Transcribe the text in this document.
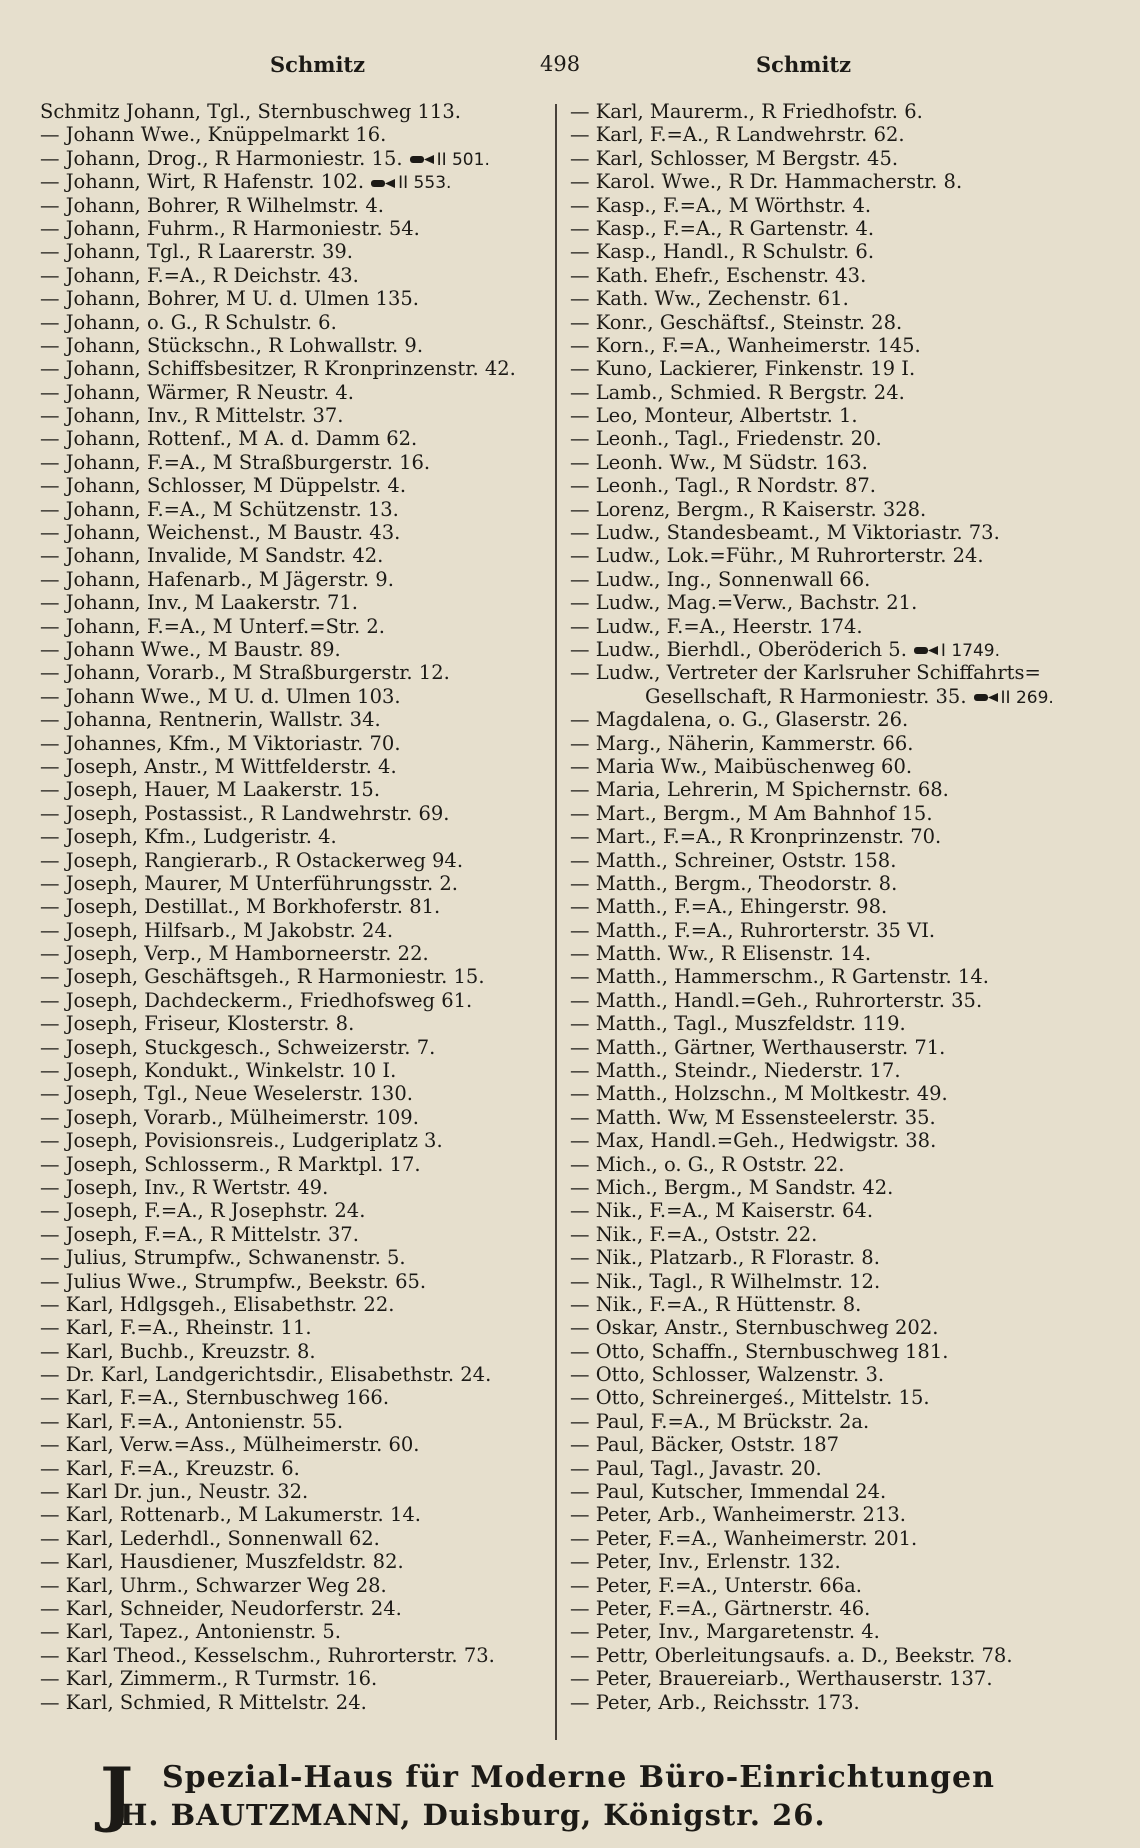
Schmitz	498	Schmitz
Schmitz Johann, Tgl., Sternbuschweg 113.
— Johann Wwe., Knüppelmarkt 16.
— Johann, Drog., R Harmoniestr. 15. II 501.
— Johann, Wirt, R Hafenstr. 102. II 553.
— Johann, Bohrer, R Wilhelmstr. 4.
— Johann, Fuhrm., R Harmoniestr. 54.
— Johann, Tgl., R Laarerstr. 39.
— Johann, F.=A., R Deichstr. 43.
— Johann, Bohrer, M U. d. Ulmen 135.
— Johann, o. G., R Schulstr. 6.
— Johann, Stückschn., R Lohwallstr. 9.
— Johann, Schiffsbesitzer, R Kronprinzenstr. 42.
— Johann, Wärmer, R Neustr. 4.
— Johann, Inv., R Mittelstr. 37.
— Johann, Rottenf., M A. d. Damm 62.
— Johann, F.=A., M Straßburgerstr. 16.
— Johann, Schlosser, M Düppelstr. 4.
— Johann, F.=A., M Schützenstr. 13.
— Johann, Weichenst., M Baustr. 43.
— Johann, Invalide, M Sandstr. 42.
— Johann, Hafenarb., M Jägerstr. 9.
— Johann, Inv., M Laakerstr. 71.
— Johann, F.=A., M Unterf.=Str. 2.
— Johann Wwe., M Baustr. 89.
— Johann, Vorarb., M Straßburgerstr. 12.
— Johann Wwe., M U. d. Ulmen 103.
— Johanna, Rentnerin, Wallstr. 34.
— Johannes, Kfm., M Viktoriastr. 70.
— Joseph, Anstr., M Wittfelderstr. 4.
— Joseph, Hauer, M Laakerstr. 15.
— Joseph, Postassist., R Landwehrstr. 69.
— Joseph, Kfm., Ludgeristr. 4.
— Joseph, Rangierarb., R Ostackerweg 94.
— Joseph, Maurer, M Unterführungsstr. 2.
— Joseph, Destillat., M Borkhoferstr. 81.
— Joseph, Hilfsarb., M Jakobstr. 24.
— Joseph, Verp., M Hamborneerstr. 22.
— Joseph, Geschäftsgeh., R Harmoniestr. 15.
— Joseph, Dachdeckerm., Friedhofsweg 61.
— Joseph, Friseur, Klosterstr. 8.
— Joseph, Stuckgesch., Schweizerstr. 7.
— Joseph, Kondukt., Winkelstr. 10 I.
— Joseph, Tgl., Neue Weselerstr. 130.
— Joseph, Vorarb., Mülheimerstr. 109.
— Joseph, Povisionsreis., Ludgeriplatz 3.
— Joseph, Schlosserm., R Marktpl. 17.
— Joseph, Inv., R Wertstr. 49.
— Joseph, F.=A., R Josephstr. 24.
— Joseph, F.=A., R Mittelstr. 37.
— Julius, Strumpfw., Schwanenstr. 5.
— Julius Wwe., Strumpfw., Beekstr. 65.
— Karl, Hdlgsgeh., Elisabethstr. 22.
— Karl, F.=A., Rheinstr. 11.
— Karl, Buchb., Kreuzstr. 8.
— Dr. Karl, Landgerichtsdir., Elisabethstr. 24.
— Karl, F.=A., Sternbuschweg 166.
— Karl, F.=A., Antonienstr. 55.
— Karl, Verw.=Ass., Mülheimerstr. 60.
— Karl, F.=A., Kreuzstr. 6.
— Karl Dr. jun., Neustr. 32.
— Karl, Rottenarb., M Lakumerstr. 14.
— Karl, Lederhdl., Sonnenwall 62.
— Karl, Hausdiener, Muszfeldstr. 82.
— Karl, Uhrm., Schwarzer Weg 28.
— Karl, Schneider, Neudorferstr. 24.
— Karl, Tapez., Antonienstr. 5.
— Karl Theod., Kesselschm., Ruhrorterstr. 73.
— Karl, Zimmerm., R Turmstr. 16.
— Karl, Schmied, R Mittelstr. 24.
— Karl, Maurerm., R Friedhofstr. 6.
— Karl, F.=A., R Landwehrstr. 62.
— Karl, Schlosser, M Bergstr. 45.
— Karol. Wwe., R Dr. Hammacherstr. 8.
— Kasp., F.=A., M Wörthstr. 4.
— Kasp., F.=A., R Gartenstr. 4.
— Kasp., Handl., R Schulstr. 6.
— Kath. Ehefr., Eschenstr. 43.
— Kath. Ww., Zechenstr. 61.
— Konr., Geschäftsf., Steinstr. 28.
— Korn., F.=A., Wanheimerstr. 145.
— Kuno, Lackierer, Finkenstr. 19 I.
— Lamb., Schmied. R Bergstr. 24.
— Leo, Monteur, Albertstr. 1.
— Leonh., Tagl., Friedenstr. 20.
— Leonh. Ww., M Südstr. 163.
— Leonh., Tagl., R Nordstr. 87.
— Lorenz, Bergm., R Kaiserstr. 328.
— Ludw., Standesbeamt., M Viktoriastr. 73.
— Ludw., Lok.=Führ., M Ruhrorterstr. 24.
— Ludw., Ing., Sonnenwall 66.
— Ludw., Mag.=Verw., Bachstr. 21.
— Ludw., F.=A., Heerstr. 174.
— Ludw., Bierhdl., Oberöderich 5. I 1749.
— Ludw., Vertreter der Karlsruher Schiffahrts=
Gesellschaft, R Harmoniestr. 35. II 269.
— Magdalena, o. G., Glaserstr. 26.
— Marg., Näherin, Kammerstr. 66.
— Maria Ww., Maibüschenweg 60.
— Maria, Lehrerin, M Spichernstr. 68.
— Mart., Bergm., M Am Bahnhof 15.
— Mart., F.=A., R Kronprinzenstr. 70.
— Matth., Schreiner, Oststr. 158.
— Matth., Bergm., Theodorstr. 8.
— Matth., F.=A., Ehingerstr. 98.
— Matth., F.=A., Ruhrorterstr. 35 VI.
— Matth. Ww., R Elisenstr. 14.
— Matth., Hammerschm., R Gartenstr. 14.
— Matth., Handl.=Geh., Ruhrorterstr. 35.
— Matth., Tagl., Muszfeldstr. 119.
— Matth., Gärtner, Werthauserstr. 71.
— Matth., Steindr., Niederstr. 17.
— Matth., Holzschn., M Moltkestr. 49.
— Matth. Ww, M Essensteelerstr. 35.
— Max, Handl.=Geh., Hedwigstr. 38.
— Mich., o. G., R Oststr. 22.
— Mich., Bergm., M Sandstr. 42.
— Nik., F.=A., M Kaiserstr. 64.
— Nik., F.=A., Oststr. 22.
— Nik., Platzarb., R Florastr. 8.
— Nik., Tagl., R Wilhelmstr. 12.
— Nik., F.=A., R Hüttenstr. 8.
— Oskar, Anstr., Sternbuschweg 202.
— Otto, Schaffn., Sternbuschweg 181.
— Otto, Schlosser, Walzenstr. 3.
— Otto, Schreinergeś., Mittelstr. 15.
— Paul, F.=A., M Brückstr. 2a.
— Paul, Bäcker, Oststr. 187
— Paul, Tagl., Javastr. 20.
— Paul, Kutscher, Immendal 24.
— Peter, Arb., Wanheimerstr. 213.
— Peter, F.=A., Wanheimerstr. 201.
— Peter, Inv., Erlenstr. 132.
— Peter, F.=A., Unterstr. 66a.
— Peter, F.=A., Gärtnerstr. 46.
— Peter, Inv., Margaretenstr. 4.
— Pettr, Oberleitungsaufs. a. D., Beekstr. 78.
— Peter, Brauereiarb., Werthauserstr. 137.
— Peter, Arb., Reichsstr. 173.
J Spezial-Haus für Moderne Büro-Einrichtungen
H. BAUTZMANN, Duisburg, Königstr. 26.
